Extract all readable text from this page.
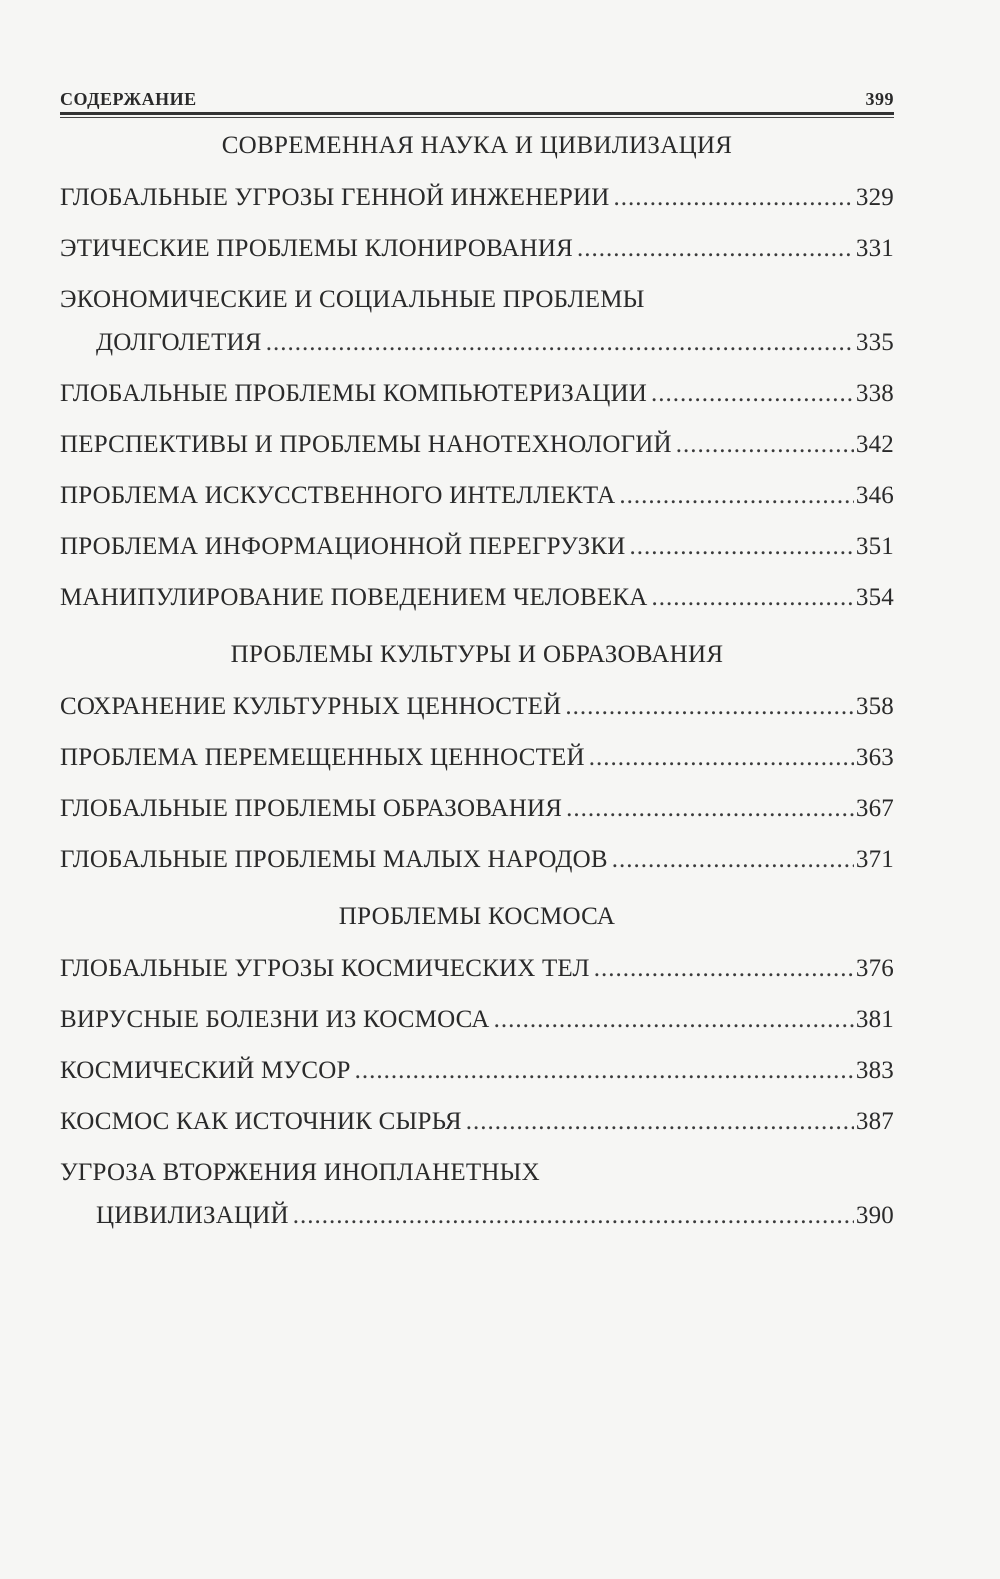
СОДЕРЖАНИЕ	399
СОВРЕМЕННАЯ НАУКА И ЦИВИЛИЗАЦИЯ
ГЛОБАЛЬНЫЕ УГРОЗЫ ГЕННОЙ ИНЖЕНЕРИИ .....	329
ЭТИЧЕСКИЕ ПРОБЛЕМЫ КЛОНИРОВАНИЯ .....	331
ЭКОНОМИЧЕСКИЕ И СОЦИАЛЬНЫЕ ПРОБЛЕМЫ
ДОЛГОЛЕТИЯ .....	335
ГЛОБАЛЬНЫЕ ПРОБЛЕМЫ КОМПЬЮТЕРИЗАЦИИ .....	338
ПЕРСПЕКТИВЫ И ПРОБЛЕМЫ НАНОТЕХНОЛОГИЙ .....	342
ПРОБЛЕМА ИСКУССТВЕННОГО ИНТЕЛЛЕКТА .....	346
ПРОБЛЕМА ИНФОРМАЦИОННОЙ ПЕРЕГРУЗКИ .....	351
МАНИПУЛИРОВАНИЕ ПОВЕДЕНИЕМ ЧЕЛОВЕКА .....	354
ПРОБЛЕМЫ КУЛЬТУРЫ И ОБРАЗОВАНИЯ
СОХРАНЕНИЕ КУЛЬТУРНЫХ ЦЕННОСТЕЙ .....	358
ПРОБЛЕМА ПЕРЕМЕЩЕННЫХ ЦЕННОСТЕЙ .....	363
ГЛОБАЛЬНЫЕ ПРОБЛЕМЫ ОБРАЗОВАНИЯ .....	367
ГЛОБАЛЬНЫЕ ПРОБЛЕМЫ МАЛЫХ НАРОДОВ .....	371
ПРОБЛЕМЫ КОСМОСА
ГЛОБАЛЬНЫЕ УГРОЗЫ КОСМИЧЕСКИХ ТЕЛ .....	376
ВИРУСНЫЕ БОЛЕЗНИ ИЗ КОСМОСА .....	381
КОСМИЧЕСКИЙ МУСОР .....	383
КОСМОС КАК ИСТОЧНИК СЫРЬЯ .....	387
УГРОЗА ВТОРЖЕНИЯ ИНОПЛАНЕТНЫХ
ЦИВИЛИЗАЦИЙ .....	390
